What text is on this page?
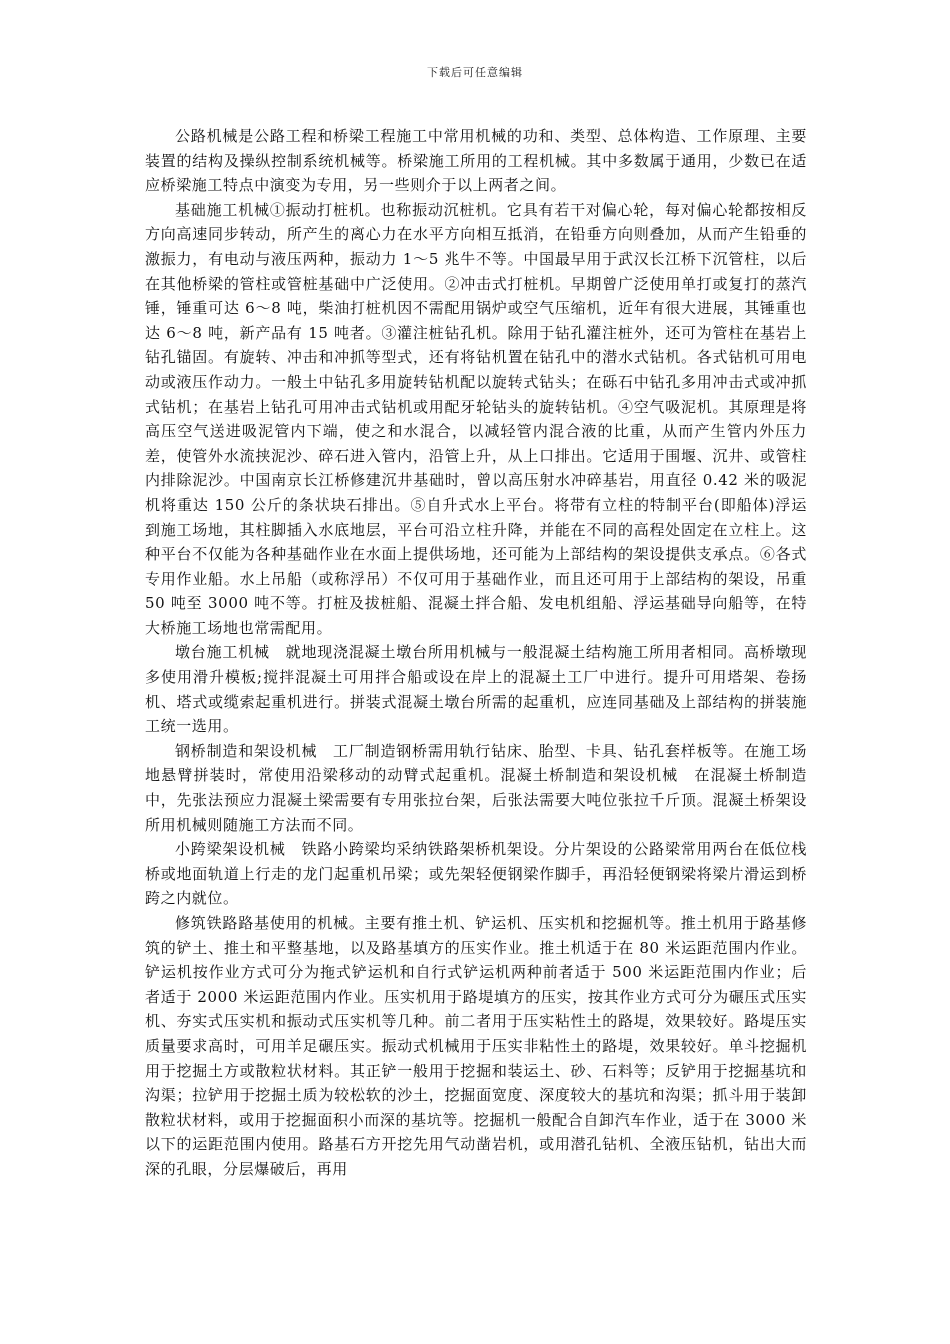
下载后可任意编辑

公路机械是公路工程和桥梁工程施工中常用机械的功和、类型、总体构造、工作原理、主要装置的结构及操纵控制系统机械等。桥梁施工所用的工程机械。其中多数属于通用，少数已在适应桥梁施工特点中演变为专用，另一些则介于以上两者之间。

基础施工机械①振动打桩机。也称振动沉桩机。它具有若干对偏心轮，每对偏心轮都按相反方向高速同步转动，所产生的离心力在水平方向相互抵消，在铅垂方向则叠加，从而产生铅垂的激振力，有电动与液压两种，振动力 1～5 兆牛不等。中国最早用于武汉长江桥下沉管柱，以后在其他桥梁的管柱或管桩基础中广泛使用。②冲击式打桩机。早期曾广泛使用单打或复打的蒸汽锤，锤重可达 6～8 吨，柴油打桩机因不需配用锅炉或空气压缩机，近年有很大进展，其锤重也达 6～8 吨，新产品有 15 吨者。③灌注桩钻孔机。除用于钻孔灌注桩外，还可为管柱在基岩上钻孔锚固。有旋转、冲击和冲抓等型式，还有将钻机置在钻孔中的潜水式钻机。各式钻机可用电动或液压作动力。一般土中钻孔多用旋转钻机配以旋转式钻头；在砾石中钻孔多用冲击式或冲抓式钻机；在基岩上钻孔可用冲击式钻机或用配牙轮钻头的旋转钻机。④空气吸泥机。其原理是将高压空气送进吸泥管内下端，使之和水混合，以减轻管内混合液的比重，从而产生管内外压力差，使管外水流挟泥沙、碎石进入管内，沿管上升，从上口排出。它适用于围堰、沉井、或管柱内排除泥沙。中国南京长江桥修建沉井基础时，曾以高压射水冲碎基岩，用直径 0.42 米的吸泥机将重达 150 公斤的条状块石排出。⑤自升式水上平台。将带有立柱的特制平台(即船体)浮运到施工场地，其柱脚插入水底地层，平台可沿立柱升降，并能在不同的高程处固定在立柱上。这种平台不仅能为各种基础作业在水面上提供场地，还可能为上部结构的架设提供支承点。⑥各式专用作业船。水上吊船（或称浮吊）不仅可用于基础作业，而且还可用于上部结构的架设，吊重 50 吨至 3000 吨不等。打桩及拔桩船、混凝土拌合船、发电机组船、浮运基础导向船等，在特大桥施工场地也常需配用。

墩台施工机械　就地现浇混凝土墩台所用机械与一般混凝土结构施工所用者相同。高桥墩现多使用滑升模板;搅拌混凝土可用拌合船或设在岸上的混凝土工厂中进行。提升可用塔架、卷扬机、塔式或缆索起重机进行。拼装式混凝土墩台所需的起重机，应连同基础及上部结构的拼装施工统一选用。

钢桥制造和架设机械　工厂制造钢桥需用轨行钻床、胎型、卡具、钻孔套样板等。在施工场地悬臂拼装时，常使用沿梁移动的动臂式起重机。混凝土桥制造和架设机械　在混凝土桥制造中，先张法预应力混凝土梁需要有专用张拉台架，后张法需要大吨位张拉千斤顶。混凝土桥架设所用机械则随施工方法而不同。

小跨梁架设机械　铁路小跨梁均采纳铁路架桥机架设。分片架设的公路梁常用两台在低位栈桥或地面轨道上行走的龙门起重机吊梁；或先架轻便钢梁作脚手，再沿轻便钢梁将梁片滑运到桥跨之内就位。

修筑铁路路基使用的机械。主要有推土机、铲运机、压实机和挖掘机等。推土机用于路基修筑的铲土、推土和平整基地，以及路基填方的压实作业。推土机适于在 80 米运距范围内作业。铲运机按作业方式可分为拖式铲运机和自行式铲运机两种前者适于 500 米运距范围内作业；后者适于 2000 米运距范围内作业。压实机用于路堤填方的压实，按其作业方式可分为碾压式压实机、夯实式压实机和振动式压实机等几种。前二者用于压实粘性土的路堤，效果较好。路堤压实质量要求高时，可用羊足碾压实。振动式机械用于压实非粘性土的路堤，效果较好。单斗挖掘机用于挖掘土方或散粒状材料。其正铲一般用于挖掘和装运土、砂、石料等；反铲用于挖掘基坑和沟渠；拉铲用于挖掘土质为较松软的沙土，挖掘面宽度、深度较大的基坑和沟渠；抓斗用于装卸散粒状材料，或用于挖掘面积小而深的基坑等。挖掘机一般配合自卸汽车作业，适于在 3000 米以下的运距范围内使用。路基石方开挖先用气动凿岩机，或用潜孔钻机、全液压钻机，钻出大而深的孔眼，分层爆破后，再用
